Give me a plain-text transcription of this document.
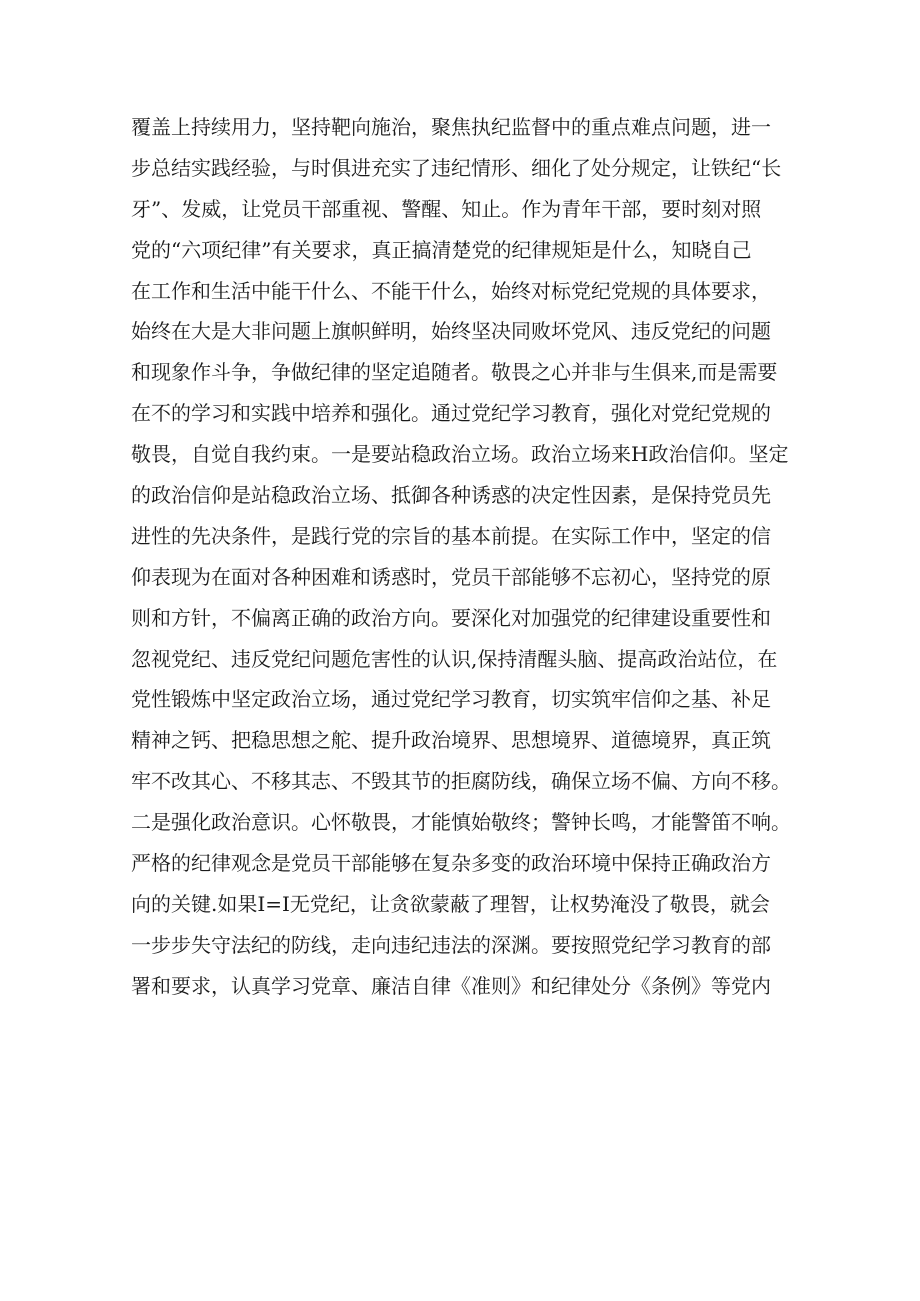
覆盖上持续用力，坚持靶向施治，聚焦执纪监督中的重点难点问题，进一
步总结实践经验，与时俱进充实了违纪情形、细化了处分规定，让铁纪“长
牙”、发威，让党员干部重视、警醒、知止。作为青年干部，要时刻对照
党的“六项纪律”有关要求，真正搞清楚党的纪律规矩是什么，知晓自己
在工作和生活中能干什么、不能干什么，始终对标党纪党规的具体要求，
始终在大是大非问题上旗帜鲜明，始终坚决同败坏党风、违反党纪的问题
和现象作斗争，争做纪律的坚定追随者。敬畏之心并非与生俱来,而是需要
在不的学习和实践中培养和强化。通过党纪学习教育，强化对党纪党规的
敬畏，自觉自我约束。一是要站稳政治立场。政治立场来H政治信仰。坚定
的政治信仰是站稳政治立场、抵御各种诱惑的决定性因素，是保持党员先
进性的先决条件，是践行党的宗旨的基本前提。在实际工作中，坚定的信
仰表现为在面对各种困难和诱惑时，党员干部能够不忘初心，坚持党的原
则和方针，不偏离正确的政治方向。要深化对加强党的纪律建设重要性和
忽视党纪、违反党纪问题危害性的认识,保持清醒头脑、提高政治站位，在
党性锻炼中坚定政治立场，通过党纪学习教育，切实筑牢信仰之基、补足
精神之钙、把稳思想之舵、提升政治境界、思想境界、道德境界，真正筑
牢不改其心、不移其志、不毁其节的拒腐防线，确保立场不偏、方向不移。
二是强化政治意识。心怀敬畏，才能慎始敬终；警钟长鸣，才能警笛不响。
严格的纪律观念是党员干部能够在复杂多变的政治环境中保持正确政治方
向的关键.如果I=I无党纪，让贪欲蒙蔽了理智，让权势淹没了敬畏，就会
一步步失守法纪的防线，走向违纪违法的深渊。要按照党纪学习教育的部
署和要求，认真学习党章、廉洁自律《准则》和纪律处分《条例》等党内
